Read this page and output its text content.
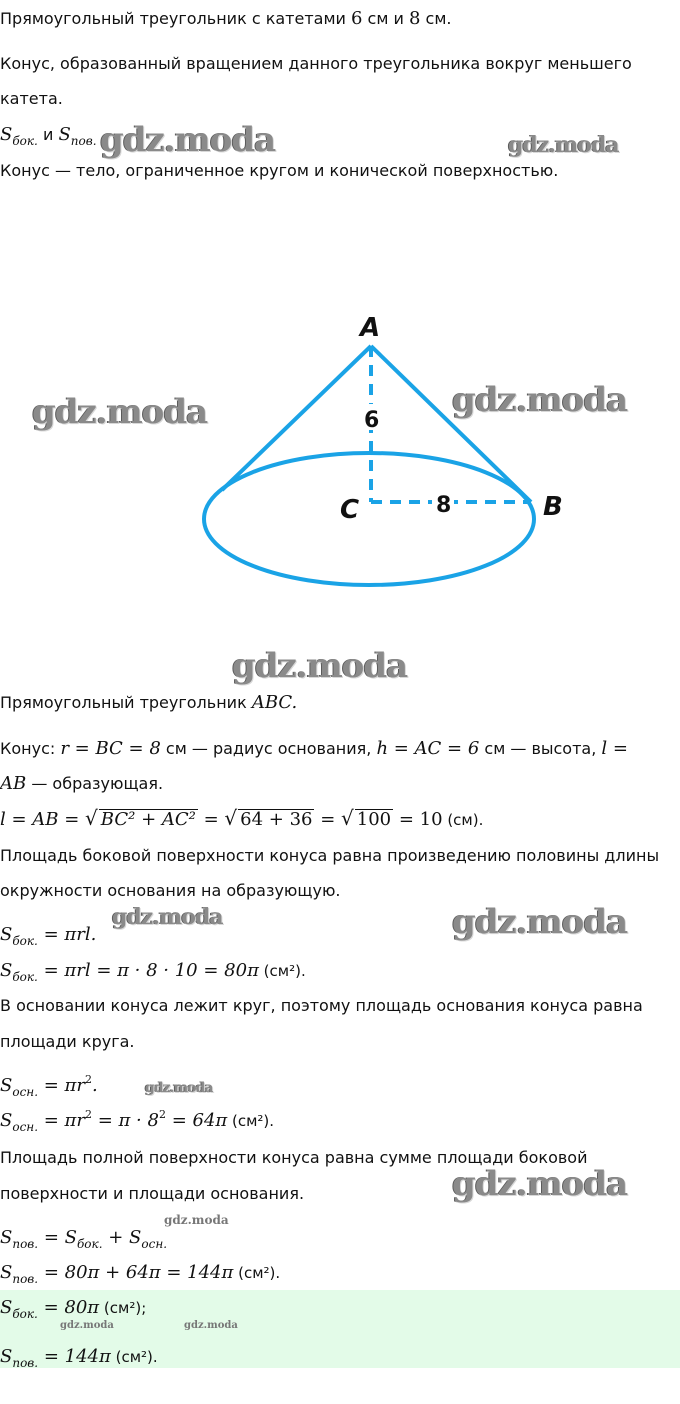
Прямоугольный треугольник с катетами 6 см и 8 см.
Конус, образованный вращением данного треугольника вокруг меньшего
катета.
$S_{бок.}$ и $S_{пов.}$
Конус — тело, ограниченное кругом и конической поверхностью.
A
B
C
6
8
Прямоугольный треугольник ABC.
Конус: r = BC = 8 см — радиус основания, h = AC = 6 см — высота, l =
AB — образующая.
l = AB = √ BC² + AC² = √ 64 + 36 = √ 100 = 10 (см).
Площадь боковой поверхности конуса равна произведению половины длины
окружности основания на образующую.
$S_{бок.} = \pi rl$.
$S_{бок.} = \pi rl = \pi \cdot 8 \cdot 10 = 80\pi$ (см²).
В основании конуса лежит круг, поэтому площадь основания конуса равна
площади круга.
$S_{осн.} = \pi r^2$.
$S_{осн.} = \pi r^2 = \pi \cdot 8^2 = 64\pi$ (см²).
Площадь полной поверхности конуса равна сумме площади боковой
поверхности и площади основания.
$S_{пов.} = S_{бок.} + S_{осн.}$
$S_{пов.} = 80\pi + 64\pi = 144\pi$ (см²).
$S_{бок.} = 80\pi$ (см²);
$S_{пов.} = 144\pi$ (см²).
gdz.moda	gdz.moda
gdz.moda	gdz.moda
gdz.moda
gdz.moda	gdz.moda
gdz.moda
gdz.moda
gdz.moda
gdz.moda	gdz.moda
